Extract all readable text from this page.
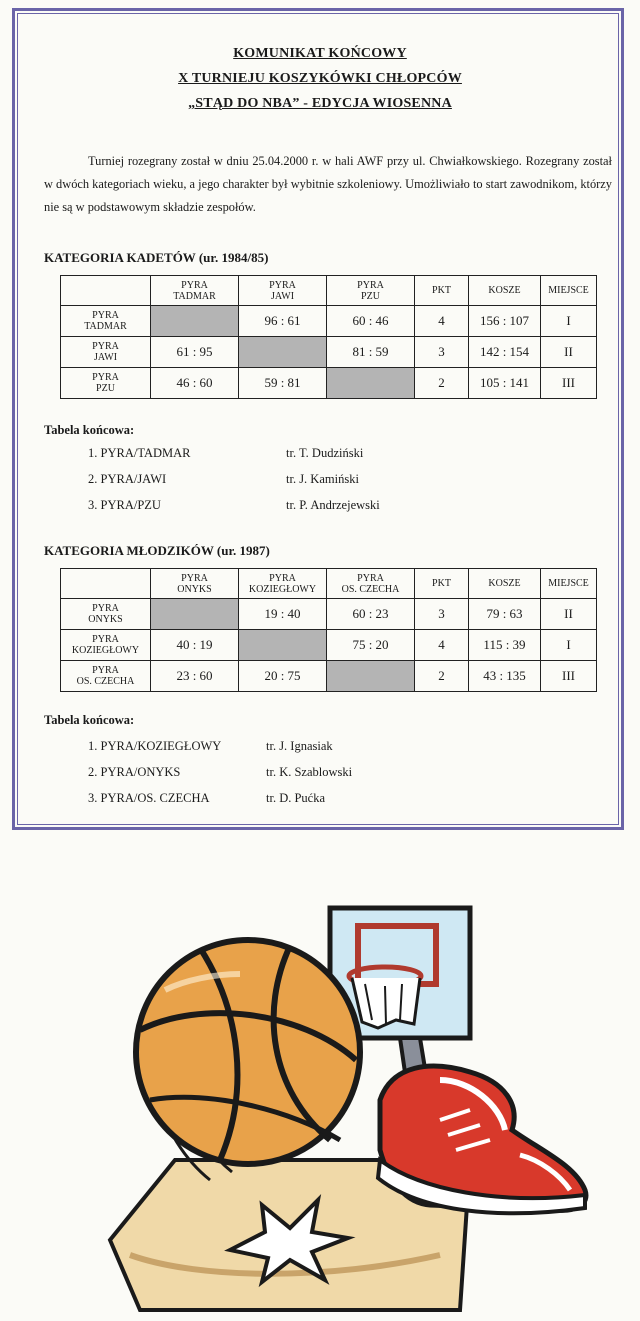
KOMUNIKAT KOŃCOWY
X TURNIEJU KOSZYKÓWKI CHŁOPCÓW
„STĄD DO NBA” - EDYCJA WIOSENNA

Turniej rozegrany został w dniu 25.04.2000 r. w hali AWF przy ul. Chwiałkowskiego. Rozegrany został w dwóch kategoriach wieku, a jego charakter był wybitnie szkoleniowy. Umożliwiało to start zawodnikom, którzy nie są w podstawowym składzie zespołów.

KATEGORIA KADETÓW (ur. 1984/85)
	PYRA
TADMAR	PYRA
JAWI	PYRA
PZU	PKT	KOSZE	MIEJSCE
PYRA
TADMAR		96 : 61	60 : 46	4	156 : 107	I
PYRA
JAWI	61 : 95		81 : 59	3	142 : 154	II
PYRA
PZU	46 : 60	59 : 81		2	105 : 141	III
Tabela końcowa:
1. PYRA/TADMAR	tr. T. Dudziński
2. PYRA/JAWI	tr. J. Kamiński
3. PYRA/PZU	tr. P. Andrzejewski
KATEGORIA MŁODZIKÓW (ur. 1987)
	PYRA
ONYKS	PYRA
KOZIEGŁOWY	PYRA
OS. CZECHA	PKT	KOSZE	MIEJSCE
PYRA
ONYKS		19 : 40	60 : 23	3	79 : 63	II
PYRA
KOZIEGŁOWY	40 : 19		75 : 20	4	115 : 39	I
PYRA
OS. CZECHA	23 : 60	20 : 75		2	43 : 135	III
Tabela końcowa:
1. PYRA/KOZIEGŁOWY	tr. J. Ignasiak
2. PYRA/ONYKS	tr. K. Szablowski
3. PYRA/OS. CZECHA	tr. D. Pućka
